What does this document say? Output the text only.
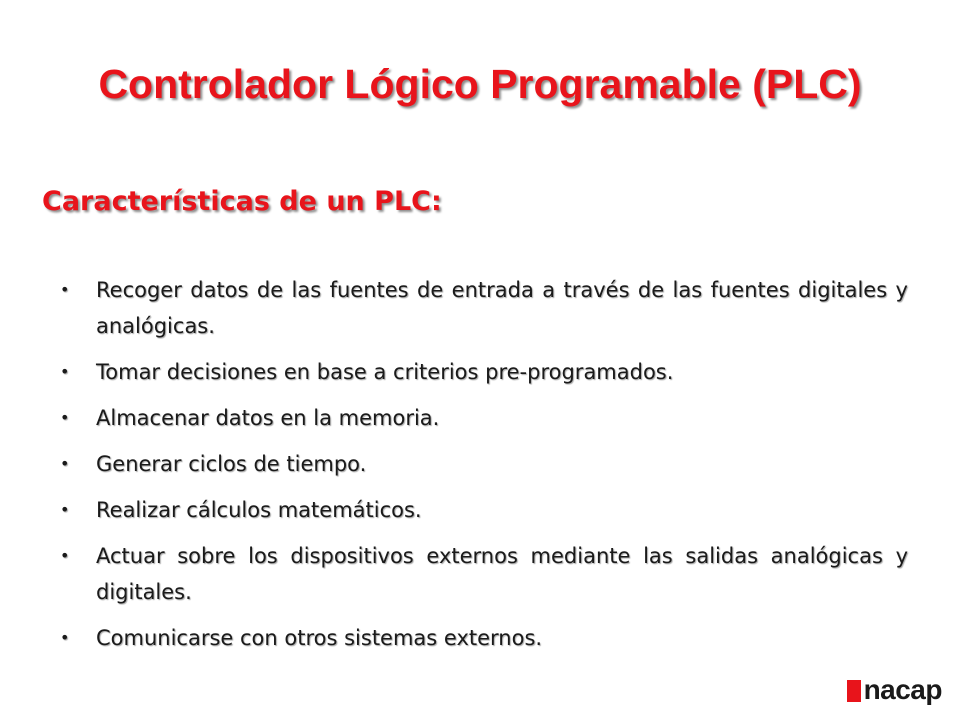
Controlador Lógico Programable (PLC)
Características de un PLC:
• Recoger datos de las fuentes de entrada a través de las fuentes digitales y analógicas.
• Tomar decisiones en base a criterios pre-programados.
• Almacenar datos en la memoria.
• Generar ciclos de tiempo.
• Realizar cálculos matemáticos.
• Actuar sobre los dispositivos externos mediante las salidas analógicas y digitales.
• Comunicarse con otros sistemas externos.
nacap
